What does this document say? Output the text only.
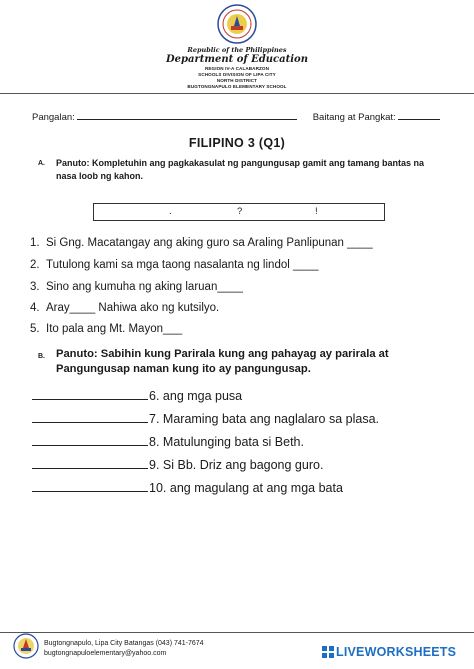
Republic of the Philippines
Department of Education
REGION IV-A CALABARZON
SCHOOLS DIVISION OF LIPA CITY
NORTH DISTRICT
BUGTONGNAPULO ELEMENTARY SCHOOL
Pangalan:	Baitang at Pangkat:
FILIPINO 3 (Q1)
A.	Panuto: Kompletuhin ang pagkakasulat ng pangungusap gamit ang tamang bantas na
nasa loob ng kahon.
.	?	!
1. Si Gng. Macatangay ang aking guro sa Araling Panlipunan ____
2. Tutulong kami sa mga taong nasalanta ng lindol ____
3. Sino ang kumuha ng aking laruan____
4. Aray____ Nahiwa ako ng kutsilyo.
5. Ito pala ang Mt. Mayon___
B. Panuto: Sabihin kung Parirala kung ang pahayag ay parirala at
Pangungusap naman kung ito ay pangungusap.
6. ang mga pusa
7. Maraming bata ang naglalaro sa plasa.
8. Matulunging bata si Beth.
9. Si Bb. Driz ang bagong guro.
10. ang magulang at ang mga bata
Bugtongnapulo, Lipa City Batangas (043) 741-7674
bugtongnapuloelementary@yahoo.com	LIVEWORKSHEETS
